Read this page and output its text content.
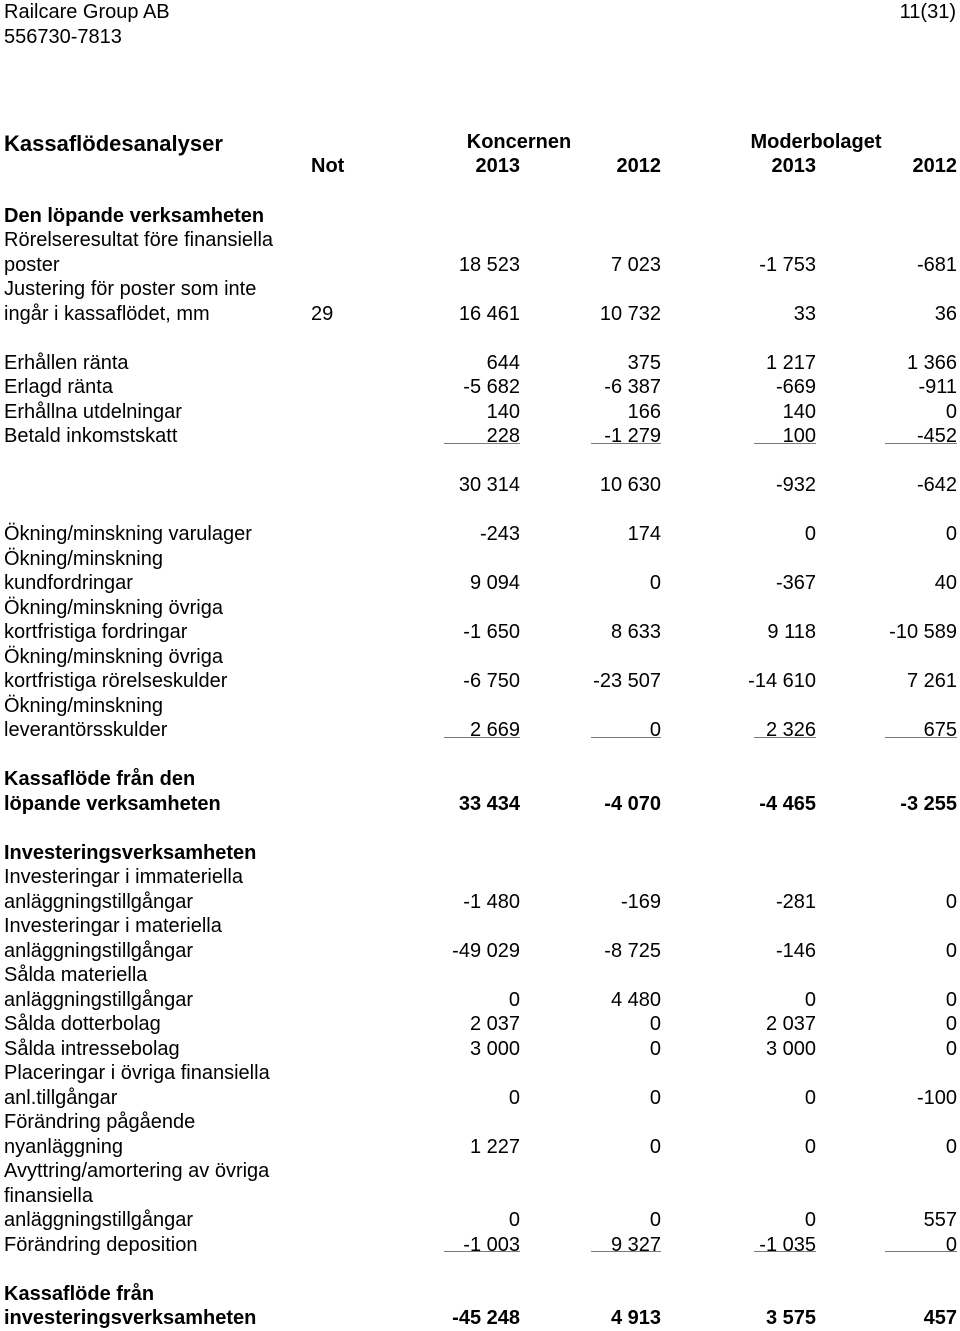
Railcare Group AB
556730-7813
11(31)
Kassaflödesanalyser	Koncernen	Moderbolaget
Not	2013	2012	2013	2012
Den löpande verksamheten
Rörelseresultat före finansiella
poster	18 523	7 023	-1 753	-681
Justering för poster som inte
ingår i kassaflödet, mm	29	16 461	10 732	33	36
Erhållen ränta	644	375	1 217	1 366
Erlagd ränta	-5 682	-6 387	-669	-911
Erhållna utdelningar	140	166	140	0
Betald inkomstskatt	228	-1 279	100	-452
30 314	10 630	-932	-642
Ökning/minskning varulager	-243	174	0	0
Ökning/minskning
kundfordringar	9 094	0	-367	40
Ökning/minskning övriga
kortfristiga fordringar	-1 650	8 633	9 118	-10 589
Ökning/minskning övriga
kortfristiga rörelseskulder	-6 750	-23 507	-14 610	7 261
Ökning/minskning
leverantörsskulder	2 669	0	2 326	675
Kassaflöde från den
löpande verksamheten	33 434	-4 070	-4 465	-3 255
Investeringsverksamheten
Investeringar i immateriella
anläggningstillgångar	-1 480	-169	-281	0
Investeringar i materiella
anläggningstillgångar	-49 029	-8 725	-146	0
Sålda materiella
anläggningstillgångar	0	4 480	0	0
Sålda dotterbolag	2 037	0	2 037	0
Sålda intressebolag	3 000	0	3 000	0
Placeringar i övriga finansiella
anl.tillgångar	0	0	0	-100
Förändring pågående
nyanläggning	1 227	0	0	0
Avyttring/amortering av övriga
finansiella
anläggningstillgångar	0	0	0	557
Förändring deposition	-1 003	9 327	-1 035	0
Kassaflöde från
investeringsverksamheten	-45 248	4 913	3 575	457
